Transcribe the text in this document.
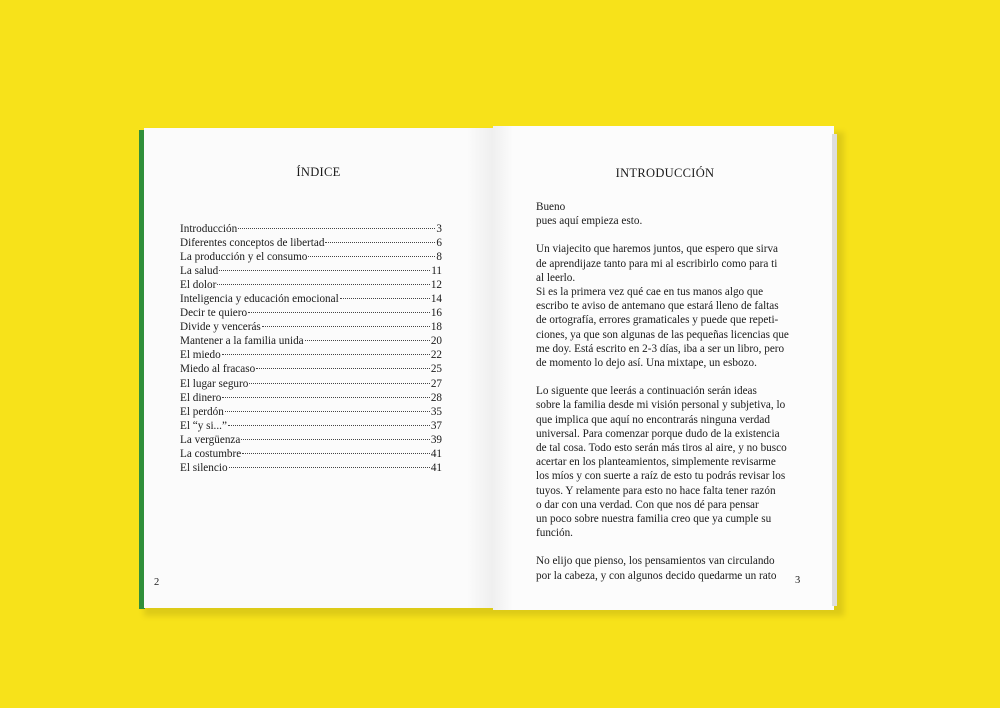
ÍNDICE
Introducción	3
Diferentes conceptos de libertad	6
La producción y el consumo	8
La salud	11
El dolor	12
Inteligencia y educación emocional	14
Decir te quiero	16
Divide y vencerás	18
Mantener a la familia unida	20
El miedo	22
Miedo al fracaso	25
El lugar seguro	27
El dinero	28
El perdón	35
El “y si...”	37
La vergüenza	39
La costumbre	41
El silencio	41
2
INTRODUCCIÓN

Bueno

pues aquí empieza esto.

Un viajecito que haremos juntos, que espero que sirva

de aprendijaze tanto para mi al escribirlo como para ti

al leerlo.

Si es la primera vez qué cae en tus manos algo que

escribo te aviso de antemano que estará lleno de faltas

de ortografía, errores gramaticales y puede que repeti-

ciones, ya que son algunas de las pequeñas licencias que

me doy. Está escrito en 2-3 días, iba a ser un libro, pero

de momento lo dejo así. Una mixtape, un esbozo.

Lo siguente que leerás a continuación serán ideas

sobre la familia desde mi visión personal y subjetiva, lo

que implica que aquí no encontrarás ninguna verdad

universal. Para comenzar porque dudo de la existencia

de tal cosa. Todo esto serán más tiros al aire, y no busco

acertar en los planteamientos, simplemente revisarme

los míos y con suerte a raíz de esto tu podrás revisar los

tuyos. Y relamente para esto no hace falta tener razón

o dar con una verdad. Con que nos dé para pensar

un poco sobre nuestra familia creo que ya cumple su

función.

No elijo que pienso, los pensamientos van circulando

por la cabeza, y con algunos decido quedarme un rato	3
